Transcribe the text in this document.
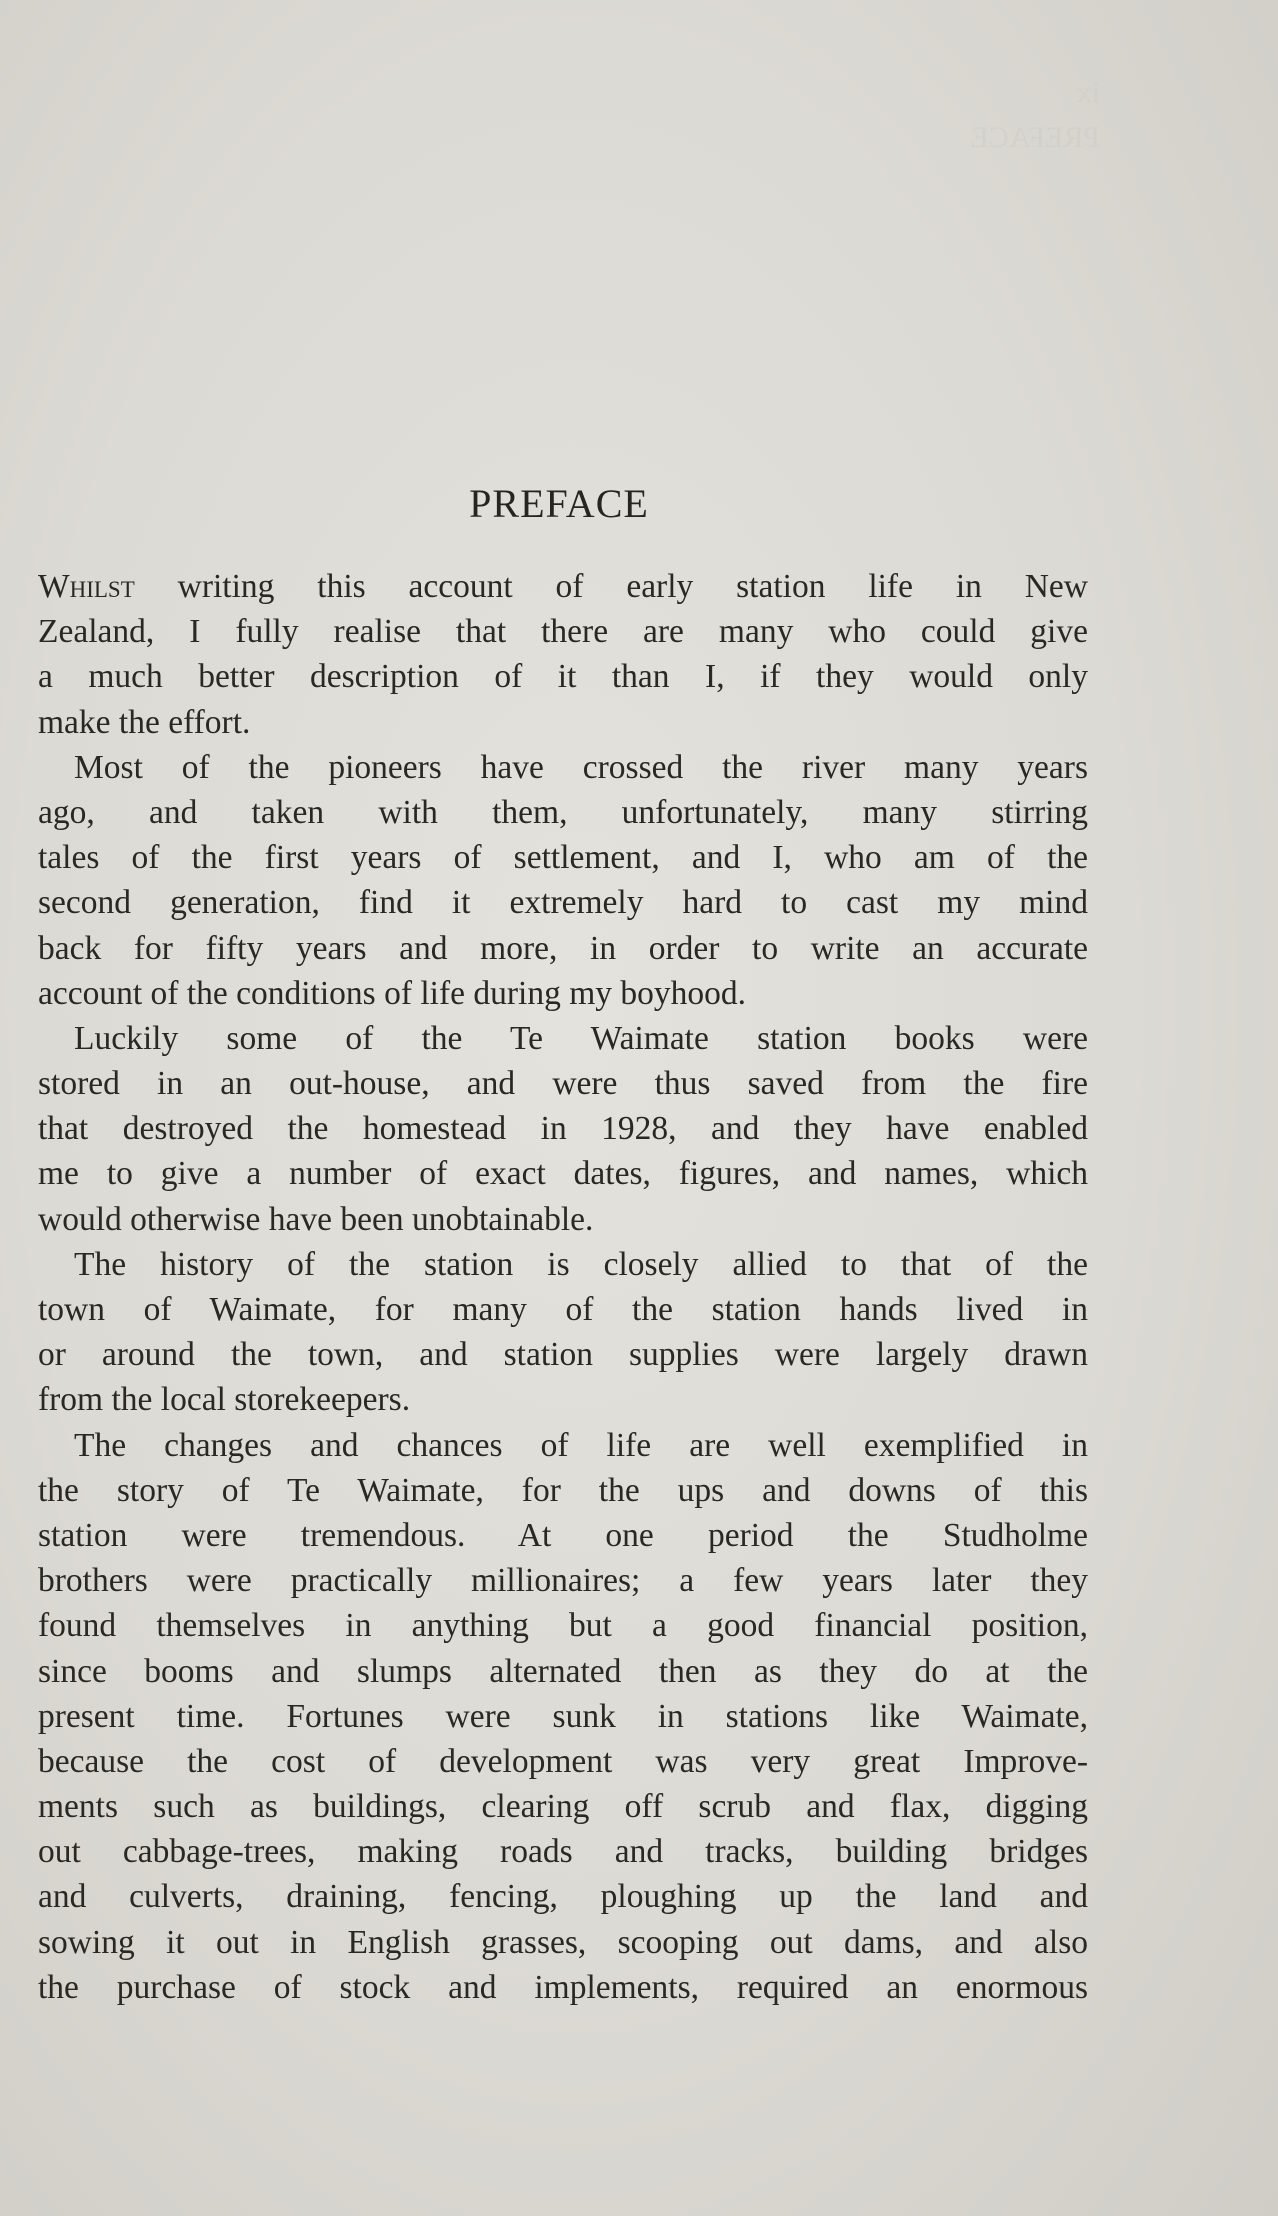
ix
PREFACE
PREFACE
Whilst writing this account of early station life in New
Zealand, I fully realise that there are many who could give
a much better description of it than I, if they would only
make the effort.
Most of the pioneers have crossed the river many years
ago, and taken with them, unfortunately, many stirring
tales of the first years of settlement, and I, who am of the
second generation, find it extremely hard to cast my mind
back for fifty years and more, in order to write an accurate
account of the conditions of life during my boyhood.
Luckily some of the Te Waimate station books were
stored in an out-house, and were thus saved from the fire
that destroyed the homestead in 1928, and they have enabled
me to give a number of exact dates, figures, and names, which
would otherwise have been unobtainable.
The history of the station is closely allied to that of the
town of Waimate, for many of the station hands lived in
or around the town, and station supplies were largely drawn
from the local storekeepers.
The changes and chances of life are well exemplified in
the story of Te Waimate, for the ups and downs of this
station were tremendous. At one period the Studholme
brothers were practically millionaires; a few years later they
found themselves in anything but a good financial position,
since booms and slumps alternated then as they do at the
present time. Fortunes were sunk in stations like Waimate,
because the cost of development was very great Improve-
ments such as buildings, clearing off scrub and flax, digging
out cabbage-trees, making roads and tracks, building bridges
and culverts, draining, fencing, ploughing up the land and
sowing it out in English grasses, scooping out dams, and also
the purchase of stock and implements, required an enormous
